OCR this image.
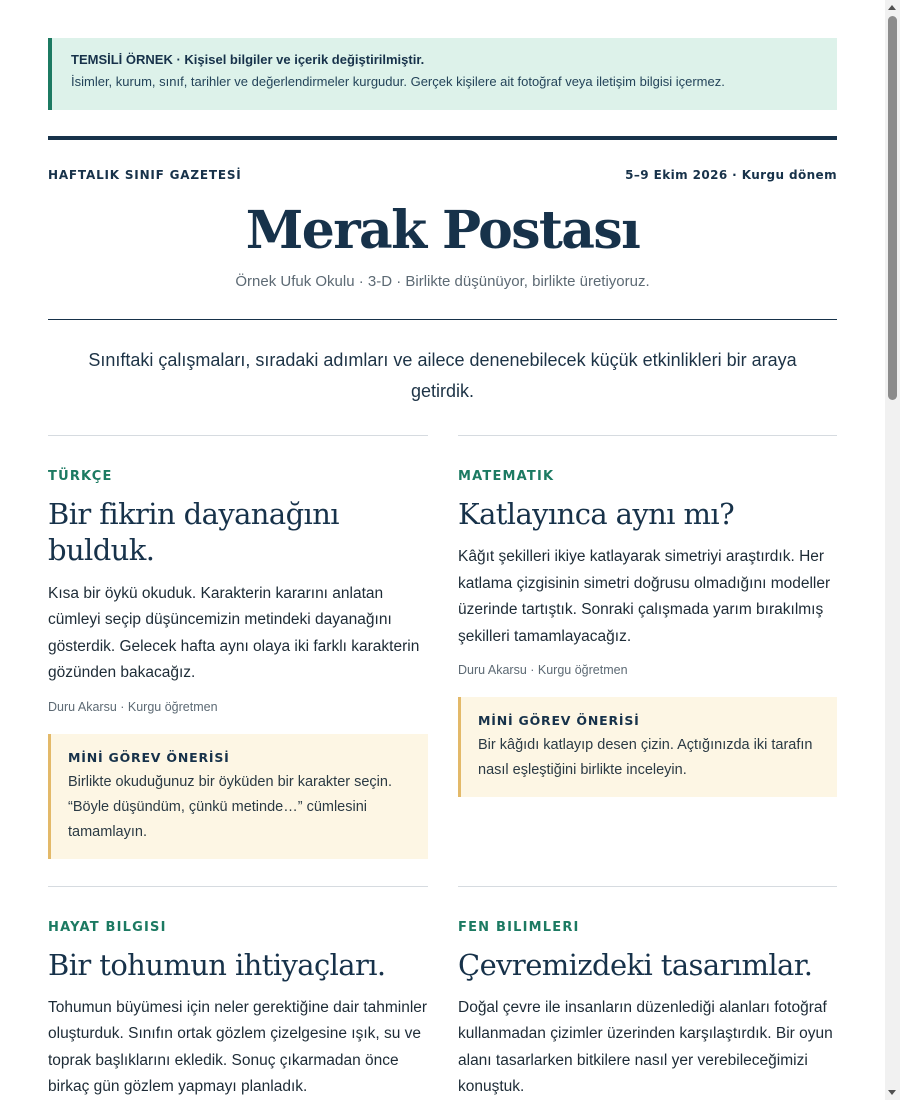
TEMSİLİ ÖRNEK · Kişisel bilgiler ve içerik değiştirilmiştir.
İsimler, kurum, sınıf, tarihler ve değerlendirmeler kurgudur. Gerçek kişilere ait fotoğraf veya iletişim bilgisi içermez.
HAFTALIK SINIF GAZETESİ	5–9 Ekim 2026 · Kurgu dönem
Merak Postası
Örnek Ufuk Okulu · 3-D · Birlikte düşünüyor, birlikte üretiyoruz.
Sınıftaki çalışmaları, sıradaki adımları ve ailece denenebilecek küçük etkinlikleri bir araya getirdik.
TÜRKÇE
Bir fikrin dayanağını bulduk.
Kısa bir öykü okuduk. Karakterin kararını anlatan cümleyi seçip düşüncemizin metindeki dayanağını gösterdik. Gelecek hafta aynı olaya iki farklı karakterin gözünden bakacağız.
Duru Akarsu · Kurgu öğretmen
MİNİ GÖREV ÖNERİSİ
Birlikte okuduğunuz bir öyküden bir karakter seçin. “Böyle düşündüm, çünkü metinde…” cümlesini tamamlayın.
MATEMATIK
Katlayınca aynı mı?
Kâğıt şekilleri ikiye katlayarak simetriyi araştırdık. Her katlama çizgisinin simetri doğrusu olmadığını modeller üzerinde tartıştık. Sonraki çalışmada yarım bırakılmış şekilleri tamamlayacağız.
Duru Akarsu · Kurgu öğretmen
MİNİ GÖREV ÖNERİSİ
Bir kâğıdı katlayıp desen çizin. Açtığınızda iki tarafın nasıl eşleştiğini birlikte inceleyin.
HAYAT BILGISI
Bir tohumun ihtiyaçları.
Tohumun büyümesi için neler gerektiğine dair tahminler oluşturduk. Sınıfın ortak gözlem çizelgesine ışık, su ve toprak başlıklarını ekledik. Sonuç çıkarmadan önce birkaç gün gözlem yapmayı planladık.
FEN BILIMLERI
Çevremizdeki tasarımlar.
Doğal çevre ile insanların düzenlediği alanları fotoğraf kullanmadan çizimler üzerinden karşılaştırdık. Bir oyun alanı tasarlarken bitkilere nasıl yer verebileceğimizi konuştuk.
